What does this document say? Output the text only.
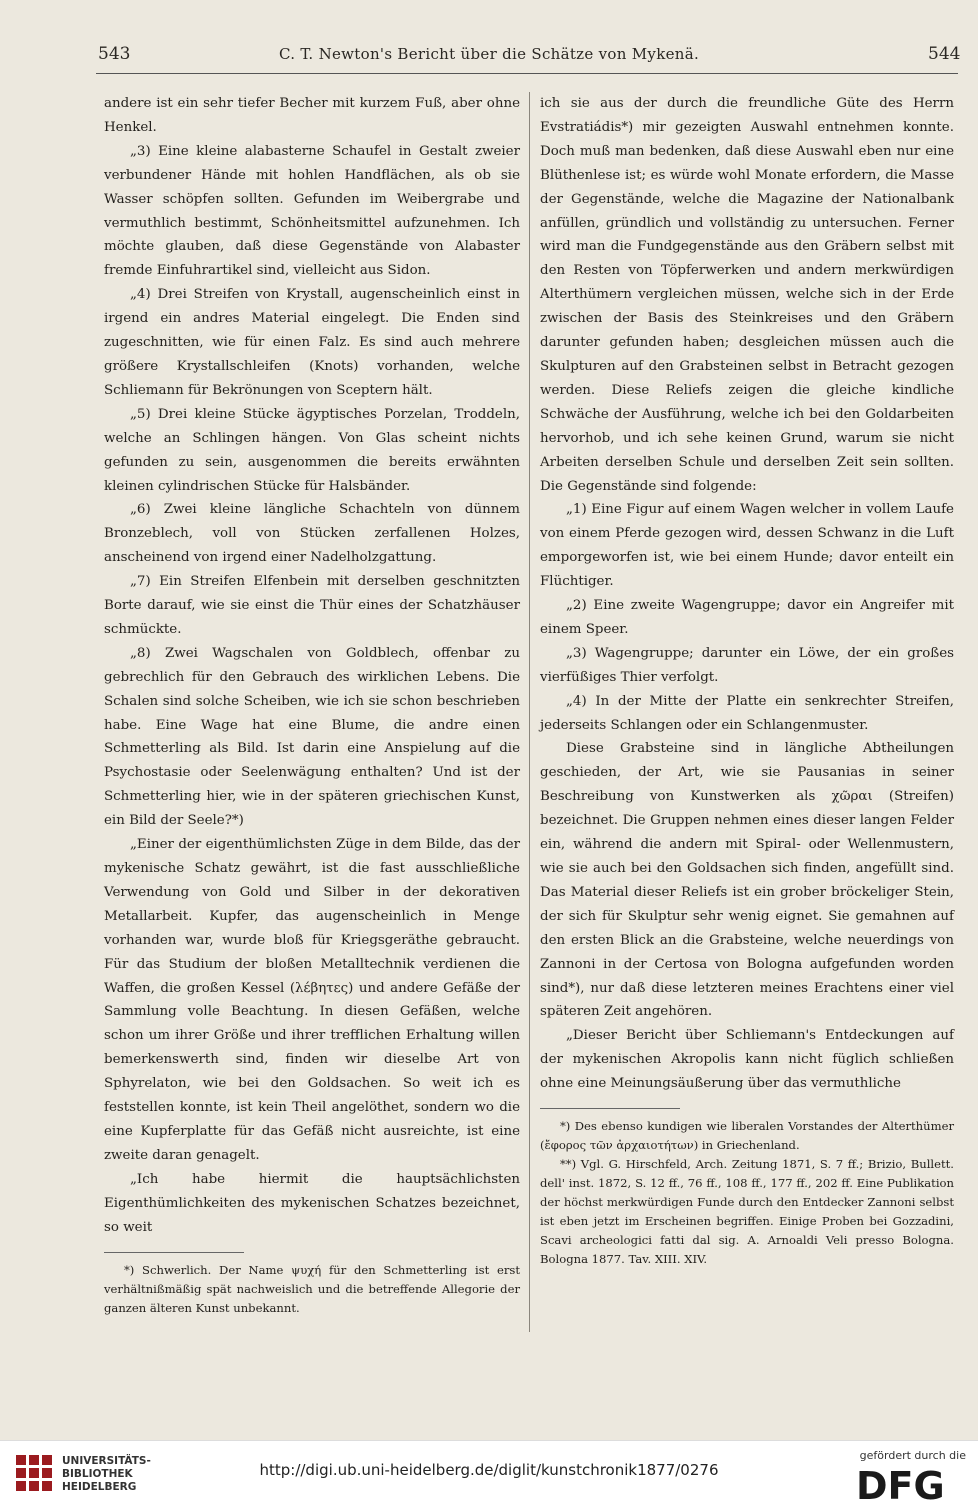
543	C. T. Newton's Bericht über die Schätze von Mykenä.	544

andere ist ein sehr tiefer Becher mit kurzem Fuß, aber ohne Henkel.

„3) Eine kleine alabasterne Schaufel in Gestalt zweier verbundener Hände mit hohlen Handflächen, als ob sie Wasser schöpfen sollten. Gefunden im Weibergrabe und vermuthlich bestimmt, Schönheitsmittel aufzunehmen. Ich möchte glauben, daß diese Gegenstände von Alabaster fremde Einfuhrartikel sind, vielleicht aus Sidon.

„4) Drei Streifen von Krystall, augenscheinlich einst in irgend ein andres Material eingelegt. Die Enden sind zugeschnitten, wie für einen Falz. Es sind auch mehrere größere Krystallschleifen (Knots) vorhanden, welche Schliemann für Bekrönungen von Sceptern hält.

„5) Drei kleine Stücke ägyptisches Porzelan, Troddeln, welche an Schlingen hängen. Von Glas scheint nichts gefunden zu sein, ausgenommen die bereits erwähnten kleinen cylindrischen Stücke für Halsbänder.

„6) Zwei kleine längliche Schachteln von dünnem Bronzeblech, voll von Stücken zerfallenen Holzes, anscheinend von irgend einer Nadelholzgattung.

„7) Ein Streifen Elfenbein mit derselben geschnitzten Borte darauf, wie sie einst die Thür eines der Schatzhäuser schmückte.

„8) Zwei Wagschalen von Goldblech, offenbar zu gebrechlich für den Gebrauch des wirklichen Lebens. Die Schalen sind solche Scheiben, wie ich sie schon beschrieben habe. Eine Wage hat eine Blume, die andre einen Schmetterling als Bild. Ist darin eine Anspielung auf die Psychostasie oder Seelenwägung enthalten? Und ist der Schmetterling hier, wie in der späteren griechischen Kunst, ein Bild der Seele?*)

„Einer der eigenthümlichsten Züge in dem Bilde, das der mykenische Schatz gewährt, ist die fast ausschließliche Verwendung von Gold und Silber in der dekorativen Metallarbeit. Kupfer, das augenscheinlich in Menge vorhanden war, wurde bloß für Kriegsgeräthe gebraucht. Für das Studium der bloßen Metalltechnik verdienen die Waffen, die großen Kessel (λέβητες) und andere Gefäße der Sammlung volle Beachtung. In diesen Gefäßen, welche schon um ihrer Größe und ihrer trefflichen Erhaltung willen bemerkenswerth sind, finden wir dieselbe Art von Sphyrelaton, wie bei den Goldsachen. So weit ich es feststellen konnte, ist kein Theil angelöthet, sondern wo die eine Kupferplatte für das Gefäß nicht ausreichte, ist eine zweite daran genagelt.

„Ich habe hiermit die hauptsächlichsten Eigenthümlichkeiten des mykenischen Schatzes bezeichnet, so weit

*) Schwerlich. Der Name ψυχή für den Schmetterling ist erst verhältnißmäßig spät nachweislich und die betreffende Allegorie der ganzen älteren Kunst unbekannt.

ich sie aus der durch die freundliche Güte des Herrn Evstratiádis*) mir gezeigten Auswahl entnehmen konnte. Doch muß man bedenken, daß diese Auswahl eben nur eine Blüthenlese ist; es würde wohl Monate erfordern, die Masse der Gegenstände, welche die Magazine der Nationalbank anfüllen, gründlich und vollständig zu untersuchen. Ferner wird man die Fundgegenstände aus den Gräbern selbst mit den Resten von Töpferwerken und andern merkwürdigen Alterthümern vergleichen müssen, welche sich in der Erde zwischen der Basis des Steinkreises und den Gräbern darunter gefunden haben; desgleichen müssen auch die Skulpturen auf den Grabsteinen selbst in Betracht gezogen werden. Diese Reliefs zeigen die gleiche kindliche Schwäche der Ausführung, welche ich bei den Goldarbeiten hervorhob, und ich sehe keinen Grund, warum sie nicht Arbeiten derselben Schule und derselben Zeit sein sollten. Die Gegenstände sind folgende:

„1) Eine Figur auf einem Wagen welcher in vollem Laufe von einem Pferde gezogen wird, dessen Schwanz in die Luft emporgeworfen ist, wie bei einem Hunde; davor enteilt ein Flüchtiger.

„2) Eine zweite Wagengruppe; davor ein Angreifer mit einem Speer.

„3) Wagengruppe; darunter ein Löwe, der ein großes vierfüßiges Thier verfolgt.

„4) In der Mitte der Platte ein senkrechter Streifen, jederseits Schlangen oder ein Schlangenmuster.

Diese Grabsteine sind in längliche Abtheilungen geschieden, der Art, wie sie Pausanias in seiner Beschreibung von Kunstwerken als χῶραι (Streifen) bezeichnet. Die Gruppen nehmen eines dieser langen Felder ein, während die andern mit Spiral- oder Wellenmustern, wie sie auch bei den Goldsachen sich finden, angefüllt sind. Das Material dieser Reliefs ist ein grober bröckeliger Stein, der sich für Skulptur sehr wenig eignet. Sie gemahnen auf den ersten Blick an die Grabsteine, welche neuerdings von Zannoni in der Certosa von Bologna aufgefunden worden sind*), nur daß diese letzteren meines Erachtens einer viel späteren Zeit angehören.

„Dieser Bericht über Schliemann's Entdeckungen auf der mykenischen Akropolis kann nicht füglich schließen ohne eine Meinungsäußerung über das vermuthliche

*) Des ebenso kundigen wie liberalen Vorstandes der Alterthümer (ἔφορος τῶν ἀρχαιοτήτων) in Griechenland.

**) Vgl. G. Hirschfeld, Arch. Zeitung 1871, S. 7 ff.; Brizio, Bullett. dell' inst. 1872, S. 12 ff., 76 ff., 108 ff., 177 ff., 202 ff. Eine Publikation der höchst merkwürdigen Funde durch den Entdecker Zannoni selbst ist eben jetzt im Erscheinen begriffen. Einige Proben bei Gozzadini, Scavi archeologici fatti dal sig. A. Arnoaldi Veli presso Bologna. Bologna 1877. Tav. XIII. XIV.

UNIVERSITÄTS-
BIBLIOTHEK
HEIDELBERG
http://digi.ub.uni-heidelberg.de/diglit/kunstchronik1877/0276
gefördert durch die
DFG
